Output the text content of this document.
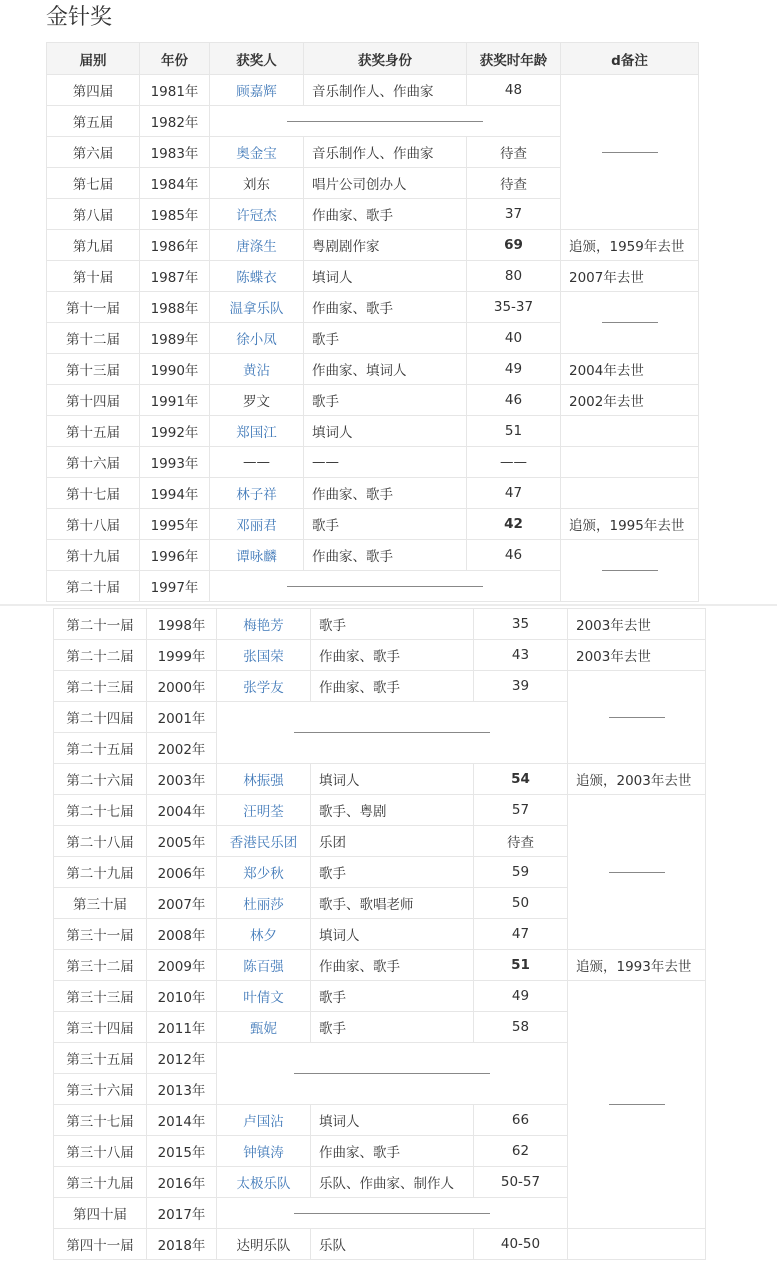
金针奖
届别	年份	获奖人	获奖身份	获奖时年龄	d备注
第四届	1981年	顾嘉辉	音乐制作人、作曲家	48	
第五届	1982年				
第六届	1983年	奥金宝	音乐制作人、作曲家	待查	
第七届	1984年	刘东	唱片公司创办人	待查	
第八届	1985年	许冠杰	作曲家、歌手	37	
第九届	1986年	唐涤生	粤剧剧作家	69	追颁，1959年去世
第十届	1987年	陈蝶衣	填词人	80	2007年去世
第十一届	1988年	温拿乐队	作曲家、歌手	35-37	
第十二届	1989年	徐小凤	歌手	40	
第十三届	1990年	黄沾	作曲家、填词人	49	2004年去世
第十四届	1991年	罗文	歌手	46	2002年去世
第十五届	1992年	郑国江	填词人	51	
第十六届	1993年	——	——	——	
第十七届	1994年	林子祥	作曲家、歌手	47	
第十八届	1995年	邓丽君	歌手	42	追颁，1995年去世
第十九届	1996年	谭咏麟	作曲家、歌手	46	
第二十届	1997年				
第二十一届	1998年	梅艳芳	歌手	35	2003年去世
第二十二届	1999年	张国荣	作曲家、歌手	43	2003年去世
第二十三届	2000年	张学友	作曲家、歌手	39	
第二十四届	2001年				
第二十五届	2002年				
第二十六届	2003年	林振强	填词人	54	追颁，2003年去世
第二十七届	2004年	汪明荃	歌手、粤剧	57	
第二十八届	2005年	香港民乐团	乐团	待查	
第二十九届	2006年	郑少秋	歌手	59	
第三十届	2007年	杜丽莎	歌手、歌唱老师	50	
第三十一届	2008年	林夕	填词人	47	
第三十二届	2009年	陈百强	作曲家、歌手	51	追颁，1993年去世
第三十三届	2010年	叶倩文	歌手	49	
第三十四届	2011年	甄妮	歌手	58	
第三十五届	2012年				
第三十六届	2013年				
第三十七届	2014年	卢国沾	填词人	66	
第三十八届	2015年	钟镇涛	作曲家、歌手	62	
第三十九届	2016年	太极乐队	乐队、作曲家、制作人	50-57	
第四十届	2017年				
第四十一届	2018年	达明乐队	乐队	40-50	
